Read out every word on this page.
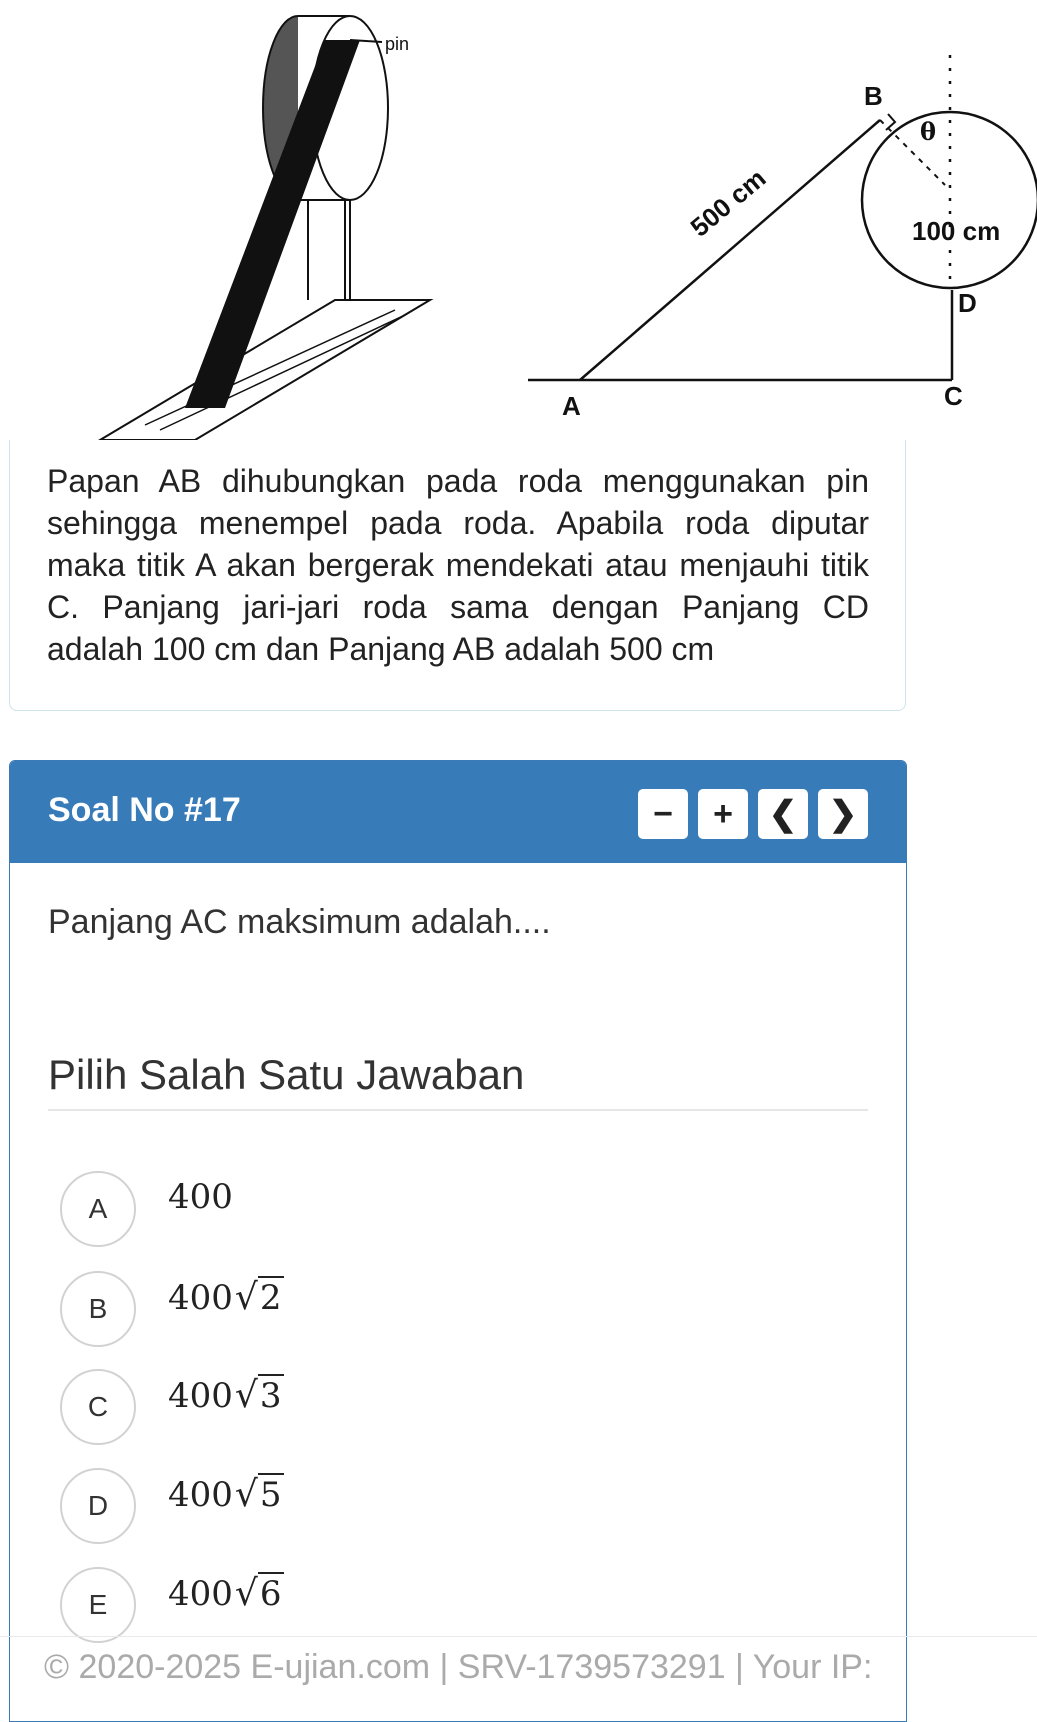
pin
B
θ
500 cm	100 cm
D
A	C
Papan AB dihubungkan pada roda menggunakan pin sehingga menempel pada roda. Apabila roda diputar maka titik A akan bergerak mendekati atau menjauhi titik C. Panjang jari-jari roda sama dengan Panjang CD adalah 100 cm dan Panjang AB adalah 500 cm
Soal No #17	− + ❮ ❯
Panjang AC maksimum adalah....
Pilih Salah Satu Jawaban
A	400
B	400√2
C	400√3
D	400√5
E	400√6
© 2020-2025 E-ujian.com | SRV-1739573291 | Your IP:
